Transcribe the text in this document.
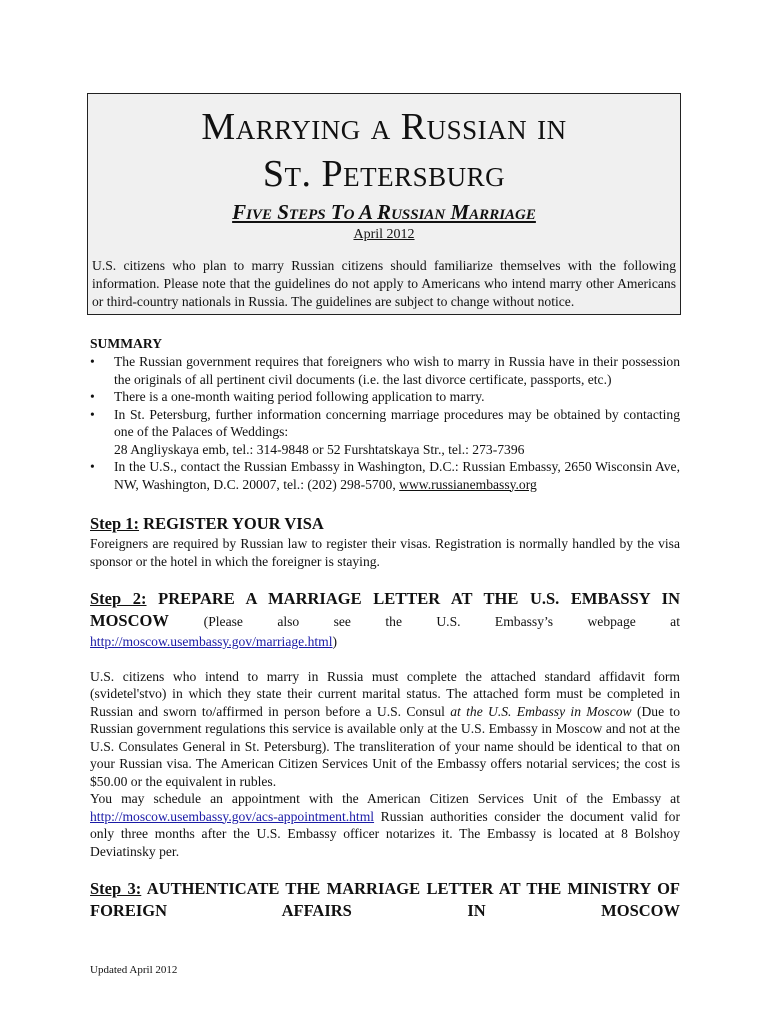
Marrying a Russian in
St. Petersburg
Five Steps To A Russian Marriage
April 2012
U.S. citizens who plan to marry Russian citizens should familiarize themselves with the following information. Please note that the guidelines do not apply to Americans who intend marry other Americans or third-country nationals in Russia. The guidelines are subject to change without notice.
SUMMARY
• The Russian government requires that foreigners who wish to marry in Russia have in their possession the originals of all pertinent civil documents (i.e. the last divorce certificate, passports, etc.)
• There is a one-month waiting period following application to marry.
• In St. Petersburg, further information concerning marriage procedures may be obtained by contacting one of the Palaces of Weddings:
28 Angliyskaya emb, tel.: 314-9848 or 52 Furshtatskaya Str., tel.: 273-7396
• In the U.S., contact the Russian Embassy in Washington, D.C.: Russian Embassy, 2650 Wisconsin Ave, NW, Washington, D.C. 20007, tel.: (202) 298-5700, www.russianembassy.org
Step 1: REGISTER YOUR VISA
Foreigners are required by Russian law to register their visas. Registration is normally handled by the visa sponsor or the hotel in which the foreigner is staying.
Step 2: PREPARE A MARRIAGE LETTER AT THE U.S. EMBASSY IN MOSCOW	(Please also see the U.S. Embassy’s webpage at
http://moscow.usembassy.gov/marriage.html)
U.S. citizens who intend to marry in Russia must complete the attached standard affidavit form (svidetel'stvo) in which they state their current marital status. The attached form must be completed in Russian and sworn to/affirmed in person before a U.S. Consul at the U.S. Embassy in Moscow (Due to Russian government regulations this service is available only at the U.S. Embassy in Moscow and not at the U.S. Consulates General in St. Petersburg). The transliteration of your name should be identical to that on your Russian visa. The American Citizen Services Unit of the Embassy offers notarial services; the cost is $50.00 or the equivalent in rubles.
You may schedule an appointment with the American Citizen Services Unit of the Embassy at http://moscow.usembassy.gov/acs-appointment.html Russian authorities consider the document valid for only three months after the U.S. Embassy officer notarizes it. The Embassy is located at 8 Bolshoy Deviatinsky per.
Step 3: AUTHENTICATE THE MARRIAGE LETTER AT THE MINISTRY OF FOREIGN AFFAIRS IN MOSCOW
Updated April 2012
